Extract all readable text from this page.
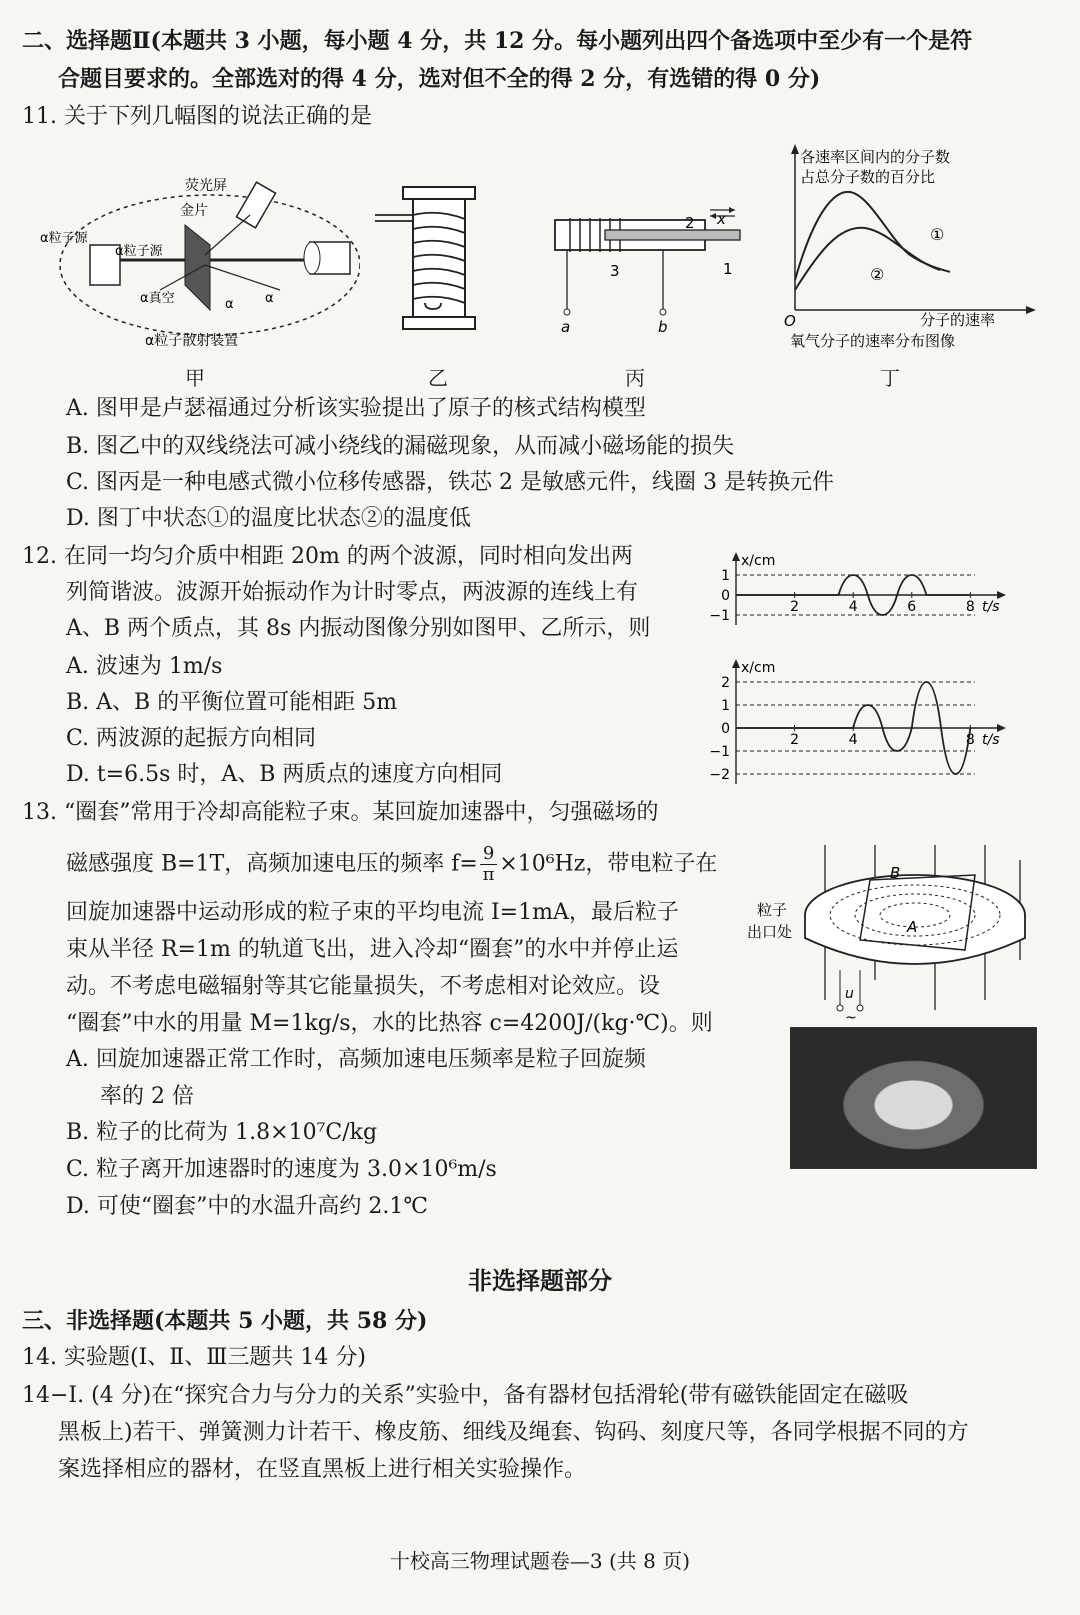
二、选择题Ⅱ(本题共 3 小题，每小题 4 分，共 12 分。每小题列出四个备选项中至少有一个是符
合题目要求的。全部选对的得 4 分，选对但不全的得 2 分，有选错的得 0 分)
11. 关于下列几幅图的说法正确的是
荧光屏
金片
α粒子源
α粒子源
α真空	α α
α粒子散射装置
甲	乙
2 x
3	1
a	b
丙
各速率区间内的分子数
占总分子数的百分比
①
②
O	分子的速率
氧气分子的速率分布图像
丁
A. 图甲是卢瑟福通过分析该实验提出了原子的核式结构模型
B. 图乙中的双线绕法可减小绕线的漏磁现象，从而减小磁场能的损失
C. 图丙是一种电感式微小位移传感器，铁芯 2 是敏感元件，线圈 3 是转换元件
D. 图丁中状态①的温度比状态②的温度低
12. 在同一均匀介质中相距 20m 的两个波源，同时相向发出两
列简谐波。波源开始振动作为计时零点，两波源的连线上有
A、B 两个质点，其 8s 内振动图像分别如图甲、乙所示，则
A. 波速为 1m/s
B. A、B 的平衡位置可能相距 5m
C. 两波源的起振方向相同
D. t=6.5s 时，A、B 两质点的速度方向相同
x/cm
t/s
1
0
−1
2	4	6	8
x/cm
t/s
2
1
0
−1
−2
2	4	8
13. “圈套”常用于冷却高能粒子束。某回旋加速器中，匀强磁场的
磁感强度 B=1T，高频加速电压的频率 $f= \frac{9}{\pi} \times 10^6Hz$，带电粒子在
回旋加速器中运动形成的粒子束的平均电流 I=1mA，最后粒子
束从半径 R=1m 的轨道飞出，进入冷却“圈套”的水中并停止运
动。不考虑电磁辐射等其它能量损失，不考虑相对论效应。设
“圈套”中水的用量 M=1kg/s，水的比热容 c=4200J/(kg·℃)。则
A. 回旋加速器正常工作时，高频加速电压频率是粒子回旋频
率的 2 倍
B. 粒子的比荷为 1.8×10⁷C/kg
C. 粒子离开加速器时的速度为 3.0×10⁶m/s
D. 可使“圈套”中的水温升高约 2.1℃
B
A
粒子
出口处
u
~
非选择题部分
三、非选择题(本题共 5 小题，共 58 分)
14. 实验题(Ⅰ、Ⅱ、Ⅲ三题共 14 分)
14−Ⅰ. (4 分)在“探究合力与分力的关系”实验中，备有器材包括滑轮(带有磁铁能固定在磁吸
黑板上)若干、弹簧测力计若干、橡皮筋、细线及绳套、钩码、刻度尺等，各同学根据不同的方
案选择相应的器材，在竖直黑板上进行相关实验操作。
十校高三物理试题卷—3 (共 8 页)
